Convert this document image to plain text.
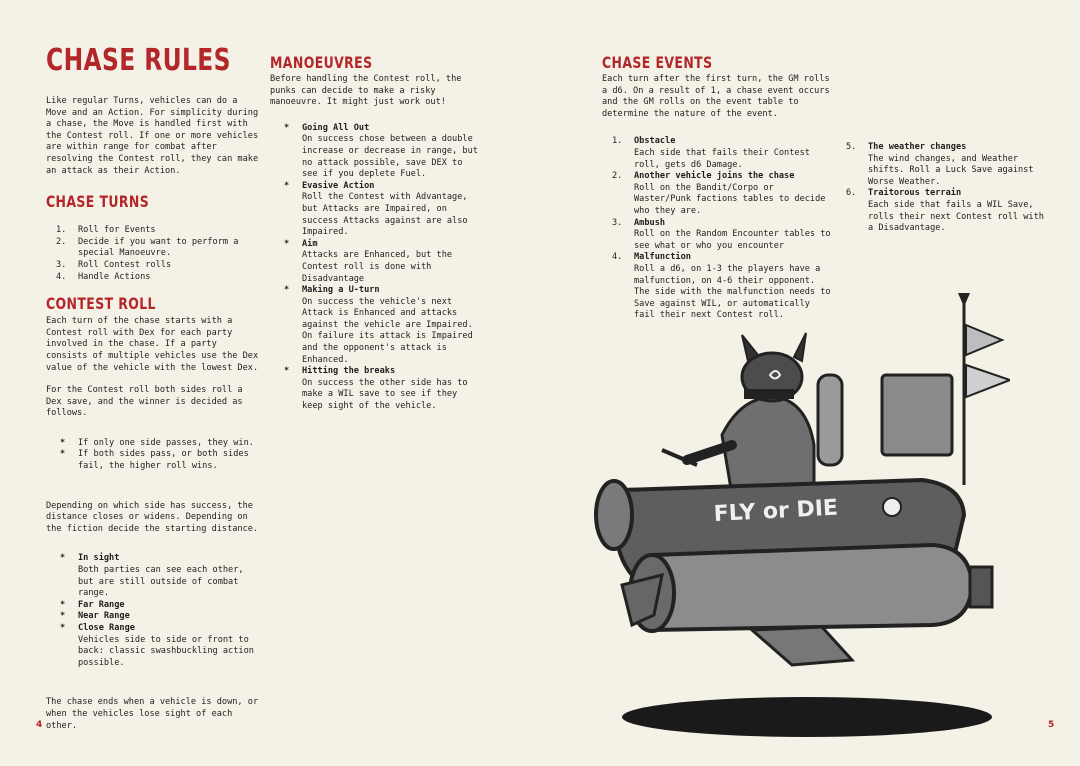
CHASE RULES

Like regular Turns, vehicles can do a Move and an Action. For simplicity during a chase, the Move is handled first with the Contest roll. If one or more vehicles are within range for combat after resolving the Contest roll, they can make an attack as their Action.

CHASE TURNS
1. Roll for Events
2. Decide if you want to perform a special Manoeuvre.
3. Roll Contest rolls
4. Handle Actions
CONTEST ROLL

Each turn of the chase starts with a Contest roll with Dex for each party involved in the chase. If a party consists of multiple vehicles use the Dex value of the vehicle with the lowest Dex.

For the Contest roll both sides roll a Dex save, and the winner is decided as follows.

* If only one side passes, they win.
* If both sides pass, or both sides fail, the higher roll wins.

Depending on which side has success, the distance closes or widens. Depending on the fiction decide the starting distance.

* In sight
Both parties can see each other, but are still outside of combat range.
* Far Range
* Near Range
* Close Range
Vehicles side to side or front to back: classic swashbuckling action possible.

The chase ends when a vehicle is down, or when the vehicles lose sight of each other.

MANOEUVRES

Before handling the Contest roll, the punks can decide to make a risky manoeuvre. It might just work out!

* Going All Out
On success chose between a double increase or decrease in range, but no attack possible, save DEX to see if you deplete Fuel.
* Evasive Action
Roll the Contest with Advantage, but Attacks are Impaired, on success Attacks against are also Impaired.
* Aim
Attacks are Enhanced, but the Contest roll is done with Disadvantage
* Making a U-turn
On success the vehicle's next Attack is Enhanced and attacks against the vehicle are Impaired. On failure its attack is Impaired and the opponent's attack is Enhanced.
* Hitting the breaks
On success the other side has to make a WIL save to see if they keep sight of the vehicle.
4
CHASE EVENTS

Each turn after the first turn, the GM rolls a d6. On a result of 1, a chase event occurs and the GM rolls on the event table to determine the nature of the event.

1. Obstacle
Each side that fails their Contest roll, gets d6 Damage.
2. Another vehicle joins the chase
Roll on the Bandit/Corpo or Waster/Punk factions tables to decide who they are.
3. Ambush
Roll on the Random Encounter tables to see what or who you encounter
4. Malfunction
Roll a d6, on 1-3 the players have a malfunction, on 4-6 their opponent. The side with the malfunction needs to Save against WIL, or automatically fail their next Contest roll.
5. The weather changes
The wind changes, and Weather shifts. Roll a Luck Save against Worse Weather.
6. Traitorous terrain
Each side that fails a WIL Save, rolls their next Contest roll with a Disadvantage.
5
FLY or DIE
